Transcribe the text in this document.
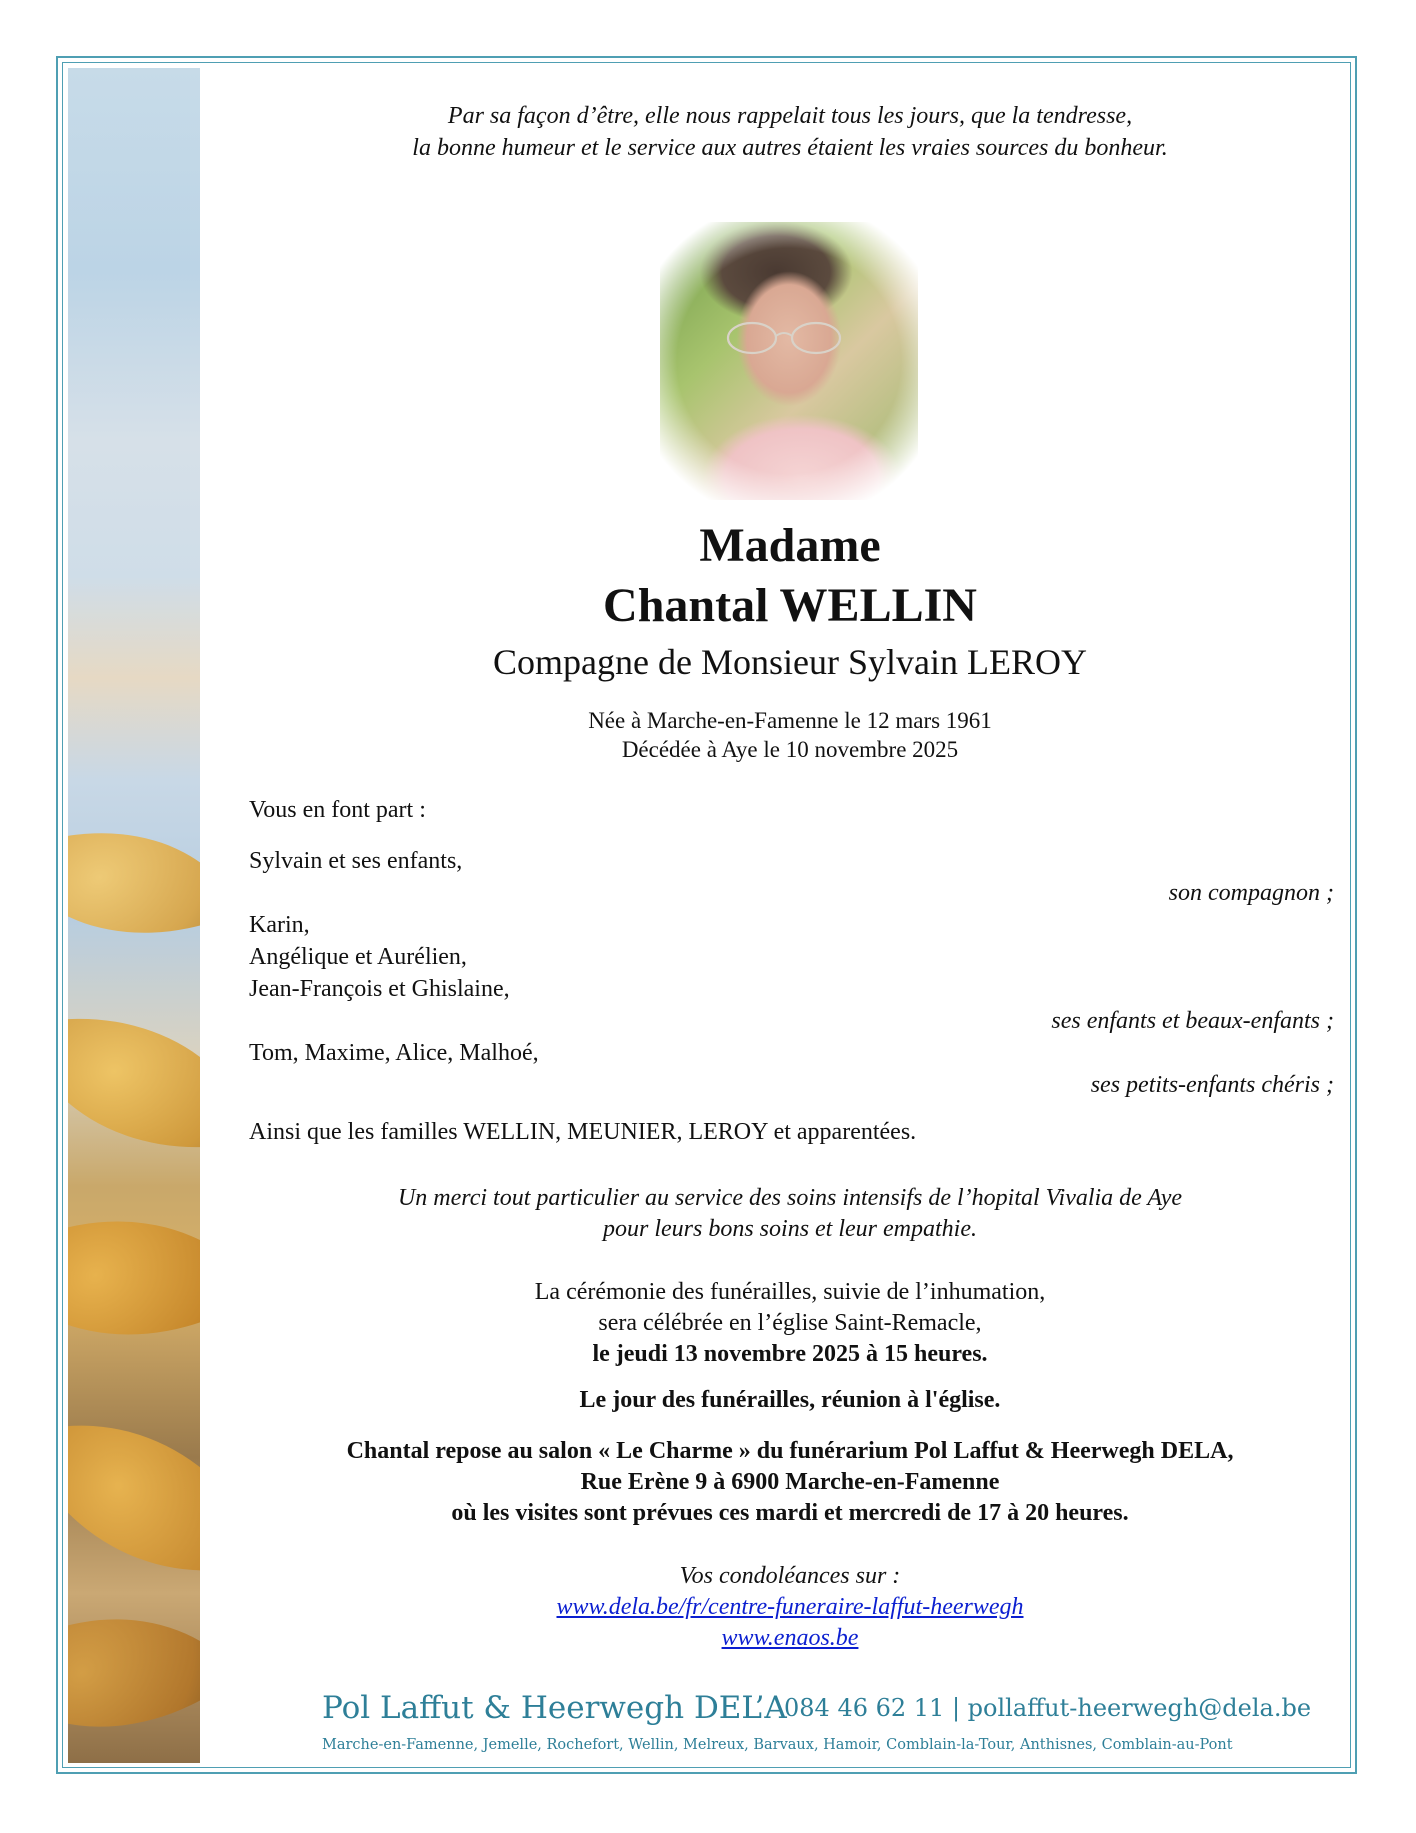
Par sa façon d’être, elle nous rappelait tous les jours, que la tendresse,
la bonne humeur et le service aux autres étaient les vraies sources du bonheur.
Madame
Chantal WELLIN
Compagne de Monsieur Sylvain LEROY
Née à Marche-en-Famenne le 12 mars 1961
Décédée à Aye le 10 novembre 2025
Vous en font part :
Sylvain et ses enfants,
son compagnon ;
Karin,
Angélique et Aurélien,
Jean-François et Ghislaine,
ses enfants et beaux-enfants ;
Tom, Maxime, Alice, Malhoé,
ses petits-enfants chéris ;
Ainsi que les familles WELLIN, MEUNIER, LEROY et apparentées.
Un merci tout particulier au service des soins intensifs de l’hopital Vivalia de Aye
pour leurs bons soins et leur empathie.
La cérémonie des funérailles, suivie de l’inhumation,
sera célébrée en l’église Saint-Remacle,
le jeudi 13 novembre 2025 à 15 heures.
Le jour des funérailles, réunion à l'église.
Chantal repose au salon « Le Charme » du funérarium Pol Laffut & Heerwegh DELA,
Rue Erène 9 à 6900 Marche-en-Famenne
où les visites sont prévues ces mardi et mercredi de 17 à 20 heures.
Vos condoléances sur :
www.dela.be/fr/centre-funeraire-laffut-heerwegh
www.enaos.be
Pol Laffut & Heerwegh DEL’A
084 46 62 11 | pollaffut-heerwegh@dela.be
Marche-en-Famenne, Jemelle, Rochefort, Wellin, Melreux, Barvaux, Hamoir, Comblain-la-Tour, Anthisnes, Comblain-au-Pont
